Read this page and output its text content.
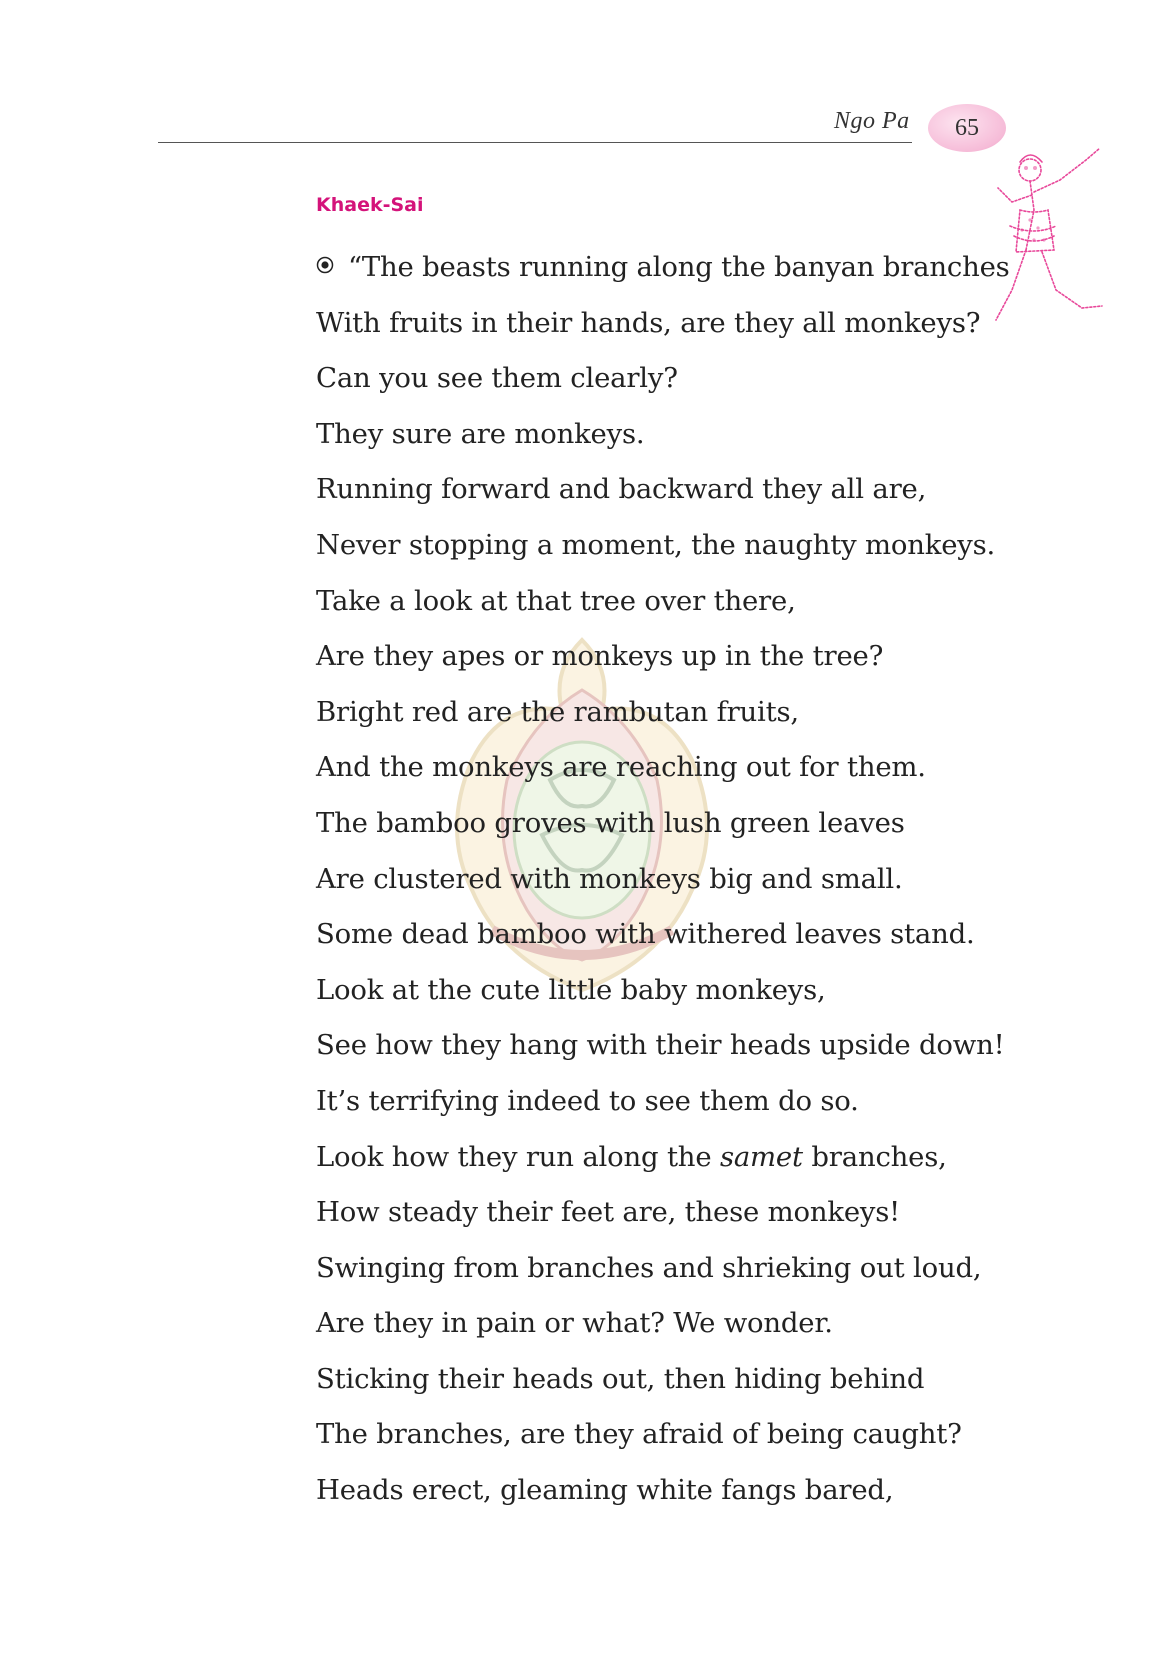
Ngo Pa 65
Khaek-Sai
“The beasts running along the banyan branches
With fruits in their hands, are they all monkeys?
Can you see them clearly?
They sure are monkeys.
Running forward and backward they all are,
Never stopping a moment, the naughty monkeys.
Take a look at that tree over there,
Are they apes or monkeys up in the tree?
Bright red are the rambutan fruits,
And the monkeys are reaching out for them.
The bamboo groves with lush green leaves
Are clustered with monkeys big and small.
Some dead bamboo with withered leaves stand.
Look at the cute little baby monkeys,
See how they hang with their heads upside down!
It’s terrifying indeed to see them do so.
Look how they run along the samet branches,
How steady their feet are, these monkeys!
Swinging from branches and shrieking out loud,
Are they in pain or what? We wonder.
Sticking their heads out, then hiding behind
The branches, are they afraid of being caught?
Heads erect, gleaming white fangs bared,
